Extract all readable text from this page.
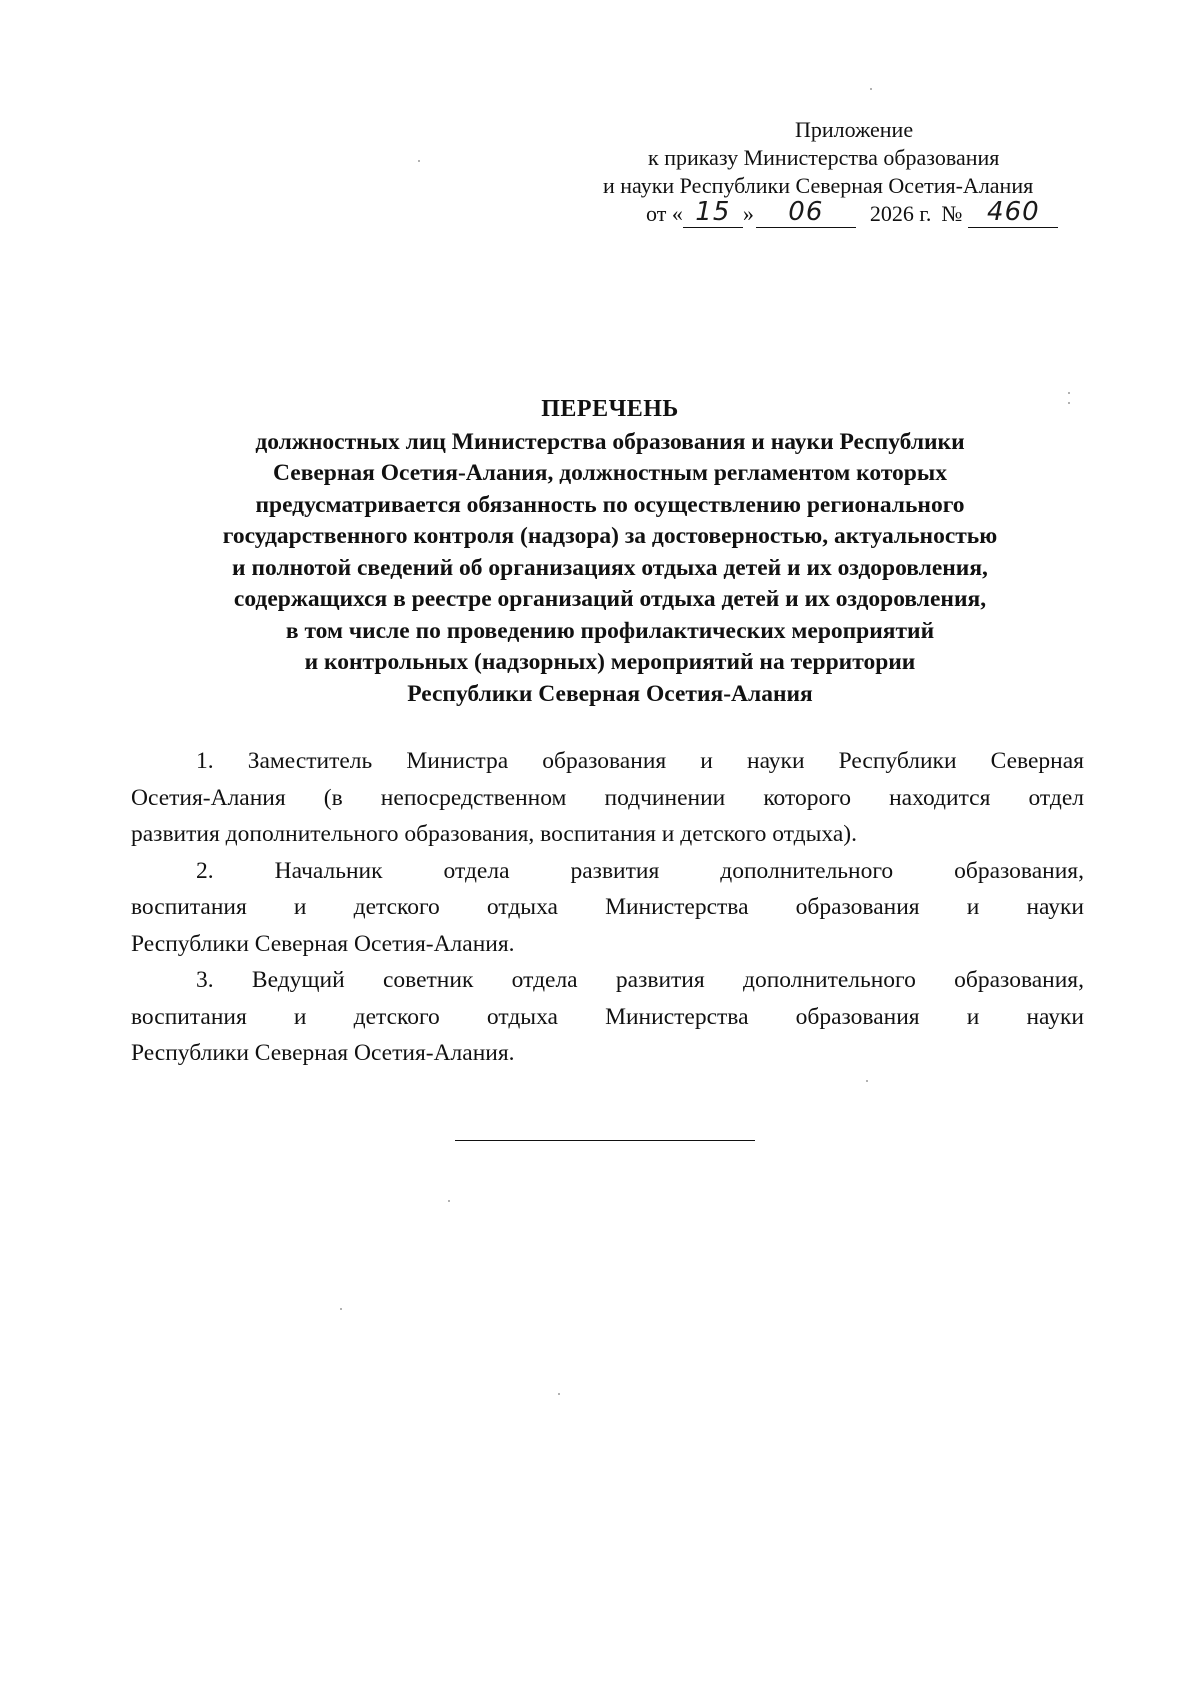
Приложение
к приказу Министерства образования
и науки Республики Северная Осетия-Алания
от « 15 »	06	2026 г. № 460
ПЕРЕЧЕНЬ
должностных лиц Министерства образования и науки Республики
Северная Осетия-Алания, должностным регламентом которых
предусматривается обязанность по осуществлению регионального
государственного контроля (надзора) за достоверностью, актуальностью
и полнотой сведений об организациях отдыха детей и их оздоровления,
содержащихся в реестре организаций отдыха детей и их оздоровления,
в том числе по проведению профилактических мероприятий
и контрольных (надзорных) мероприятий на территории
Республики Северная Осетия-Алания
1. Заместитель Министра образования и науки Республики Северная
Осетия-Алания (в непосредственном подчинении которого находится отдел
развития дополнительного образования, воспитания и детского отдыха).
2. Начальник отдела развития дополнительного образования,
воспитания и детского отдыха Министерства образования и науки
Республики Северная Осетия-Алания.
3. Ведущий советник отдела развития дополнительного образования,
воспитания и детского отдыха Министерства образования и науки
Республики Северная Осетия-Алания.
